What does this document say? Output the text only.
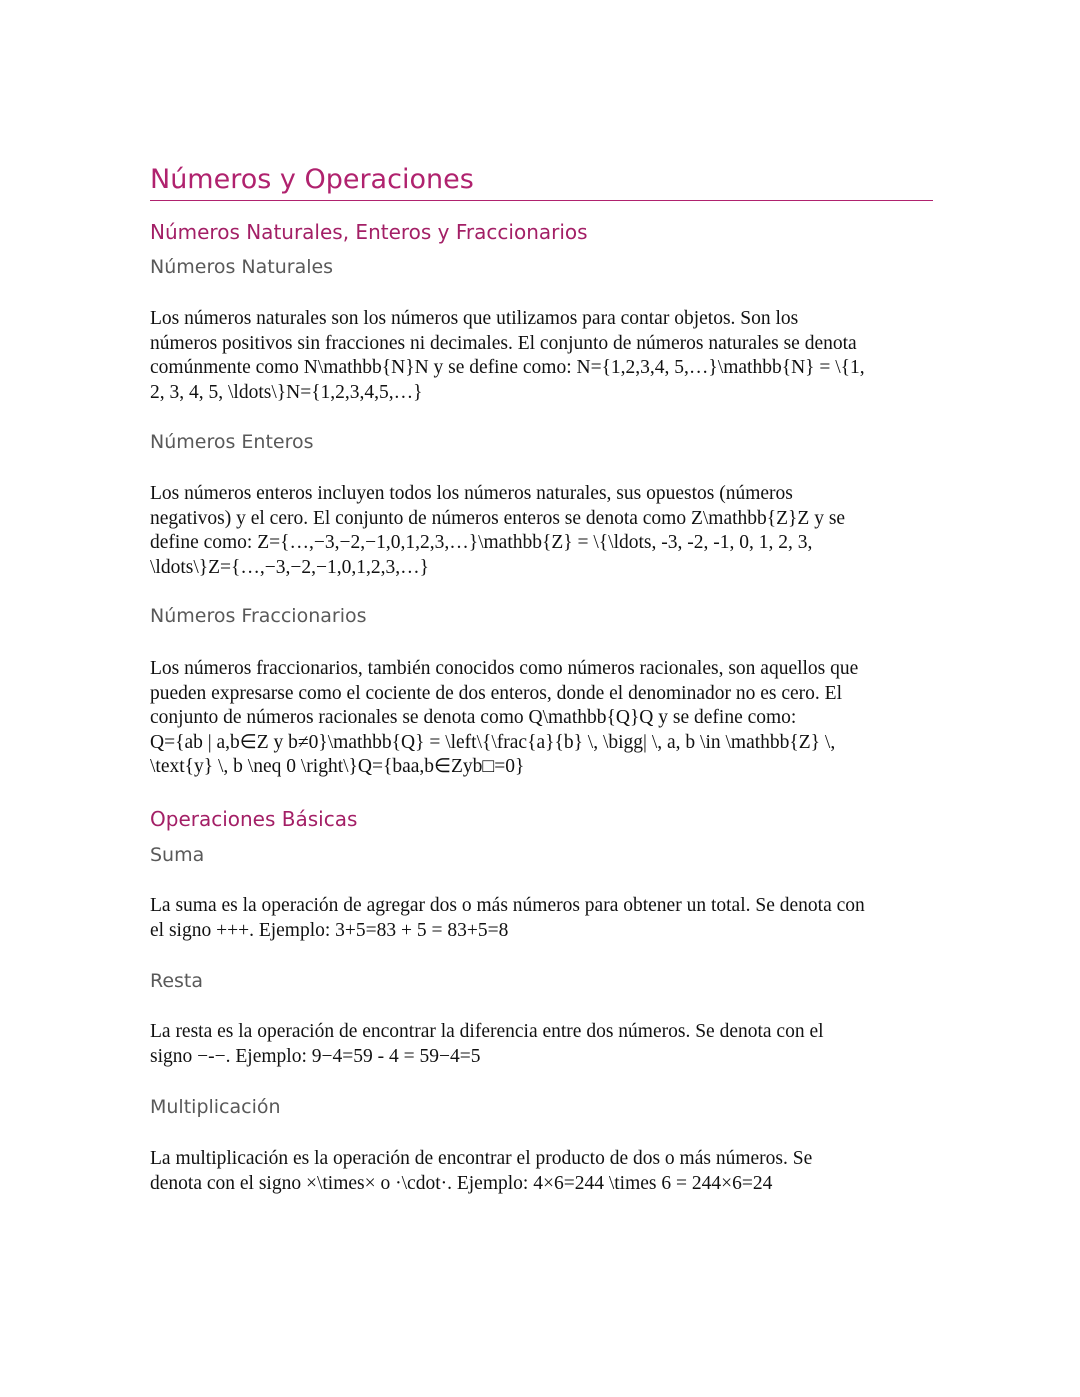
Números y Operaciones
Números Naturales, Enteros y Fraccionarios
Números Naturales

Los números naturales son los números que utilizamos para contar objetos. Son los
números positivos sin fracciones ni decimales. El conjunto de números naturales se denota
comúnmente como N\mathbb{N}N y se define como: N={1,2,3,4, 5,…}\mathbb{N} = \{1,
2, 3, 4, 5, \ldots\}N={1,2,3,4,5,…}

Números Enteros

Los números enteros incluyen todos los números naturales, sus opuestos (números
negativos) y el cero. El conjunto de números enteros se denota como Z\mathbb{Z}Z y se
define como: Z={…,−3,−2,−1,0,1,2,3,…}\mathbb{Z} = \{\ldots, -3, -2, -1, 0, 1, 2, 3,
\ldots\}Z={…,−3,−2,−1,0,1,2,3,…}

Números Fraccionarios

Los números fraccionarios, también conocidos como números racionales, son aquellos que
pueden expresarse como el cociente de dos enteros, donde el denominador no es cero. El
conjunto de números racionales se denota como Q\mathbb{Q}Q y se define como:
Q={ab | a,b∈Z y b≠0}\mathbb{Q} = \left\{\frac{a}{b} \, \bigg| \, a, b \in \mathbb{Z} \,
\text{y} \, b \neq 0 \right\}Q={baa,b∈Zyb□=0}

Operaciones Básicas
Suma

La suma es la operación de agregar dos o más números para obtener un total. Se denota con
el signo +++. Ejemplo: 3+5=83 + 5 = 83+5=8

Resta

La resta es la operación de encontrar la diferencia entre dos números. Se denota con el
signo −-−. Ejemplo: 9−4=59 - 4 = 59−4=5

Multiplicación

La multiplicación es la operación de encontrar el producto de dos o más números. Se
denota con el signo ×\times× o ·\cdot·. Ejemplo: 4×6=244 \times 6 = 244×6=24
